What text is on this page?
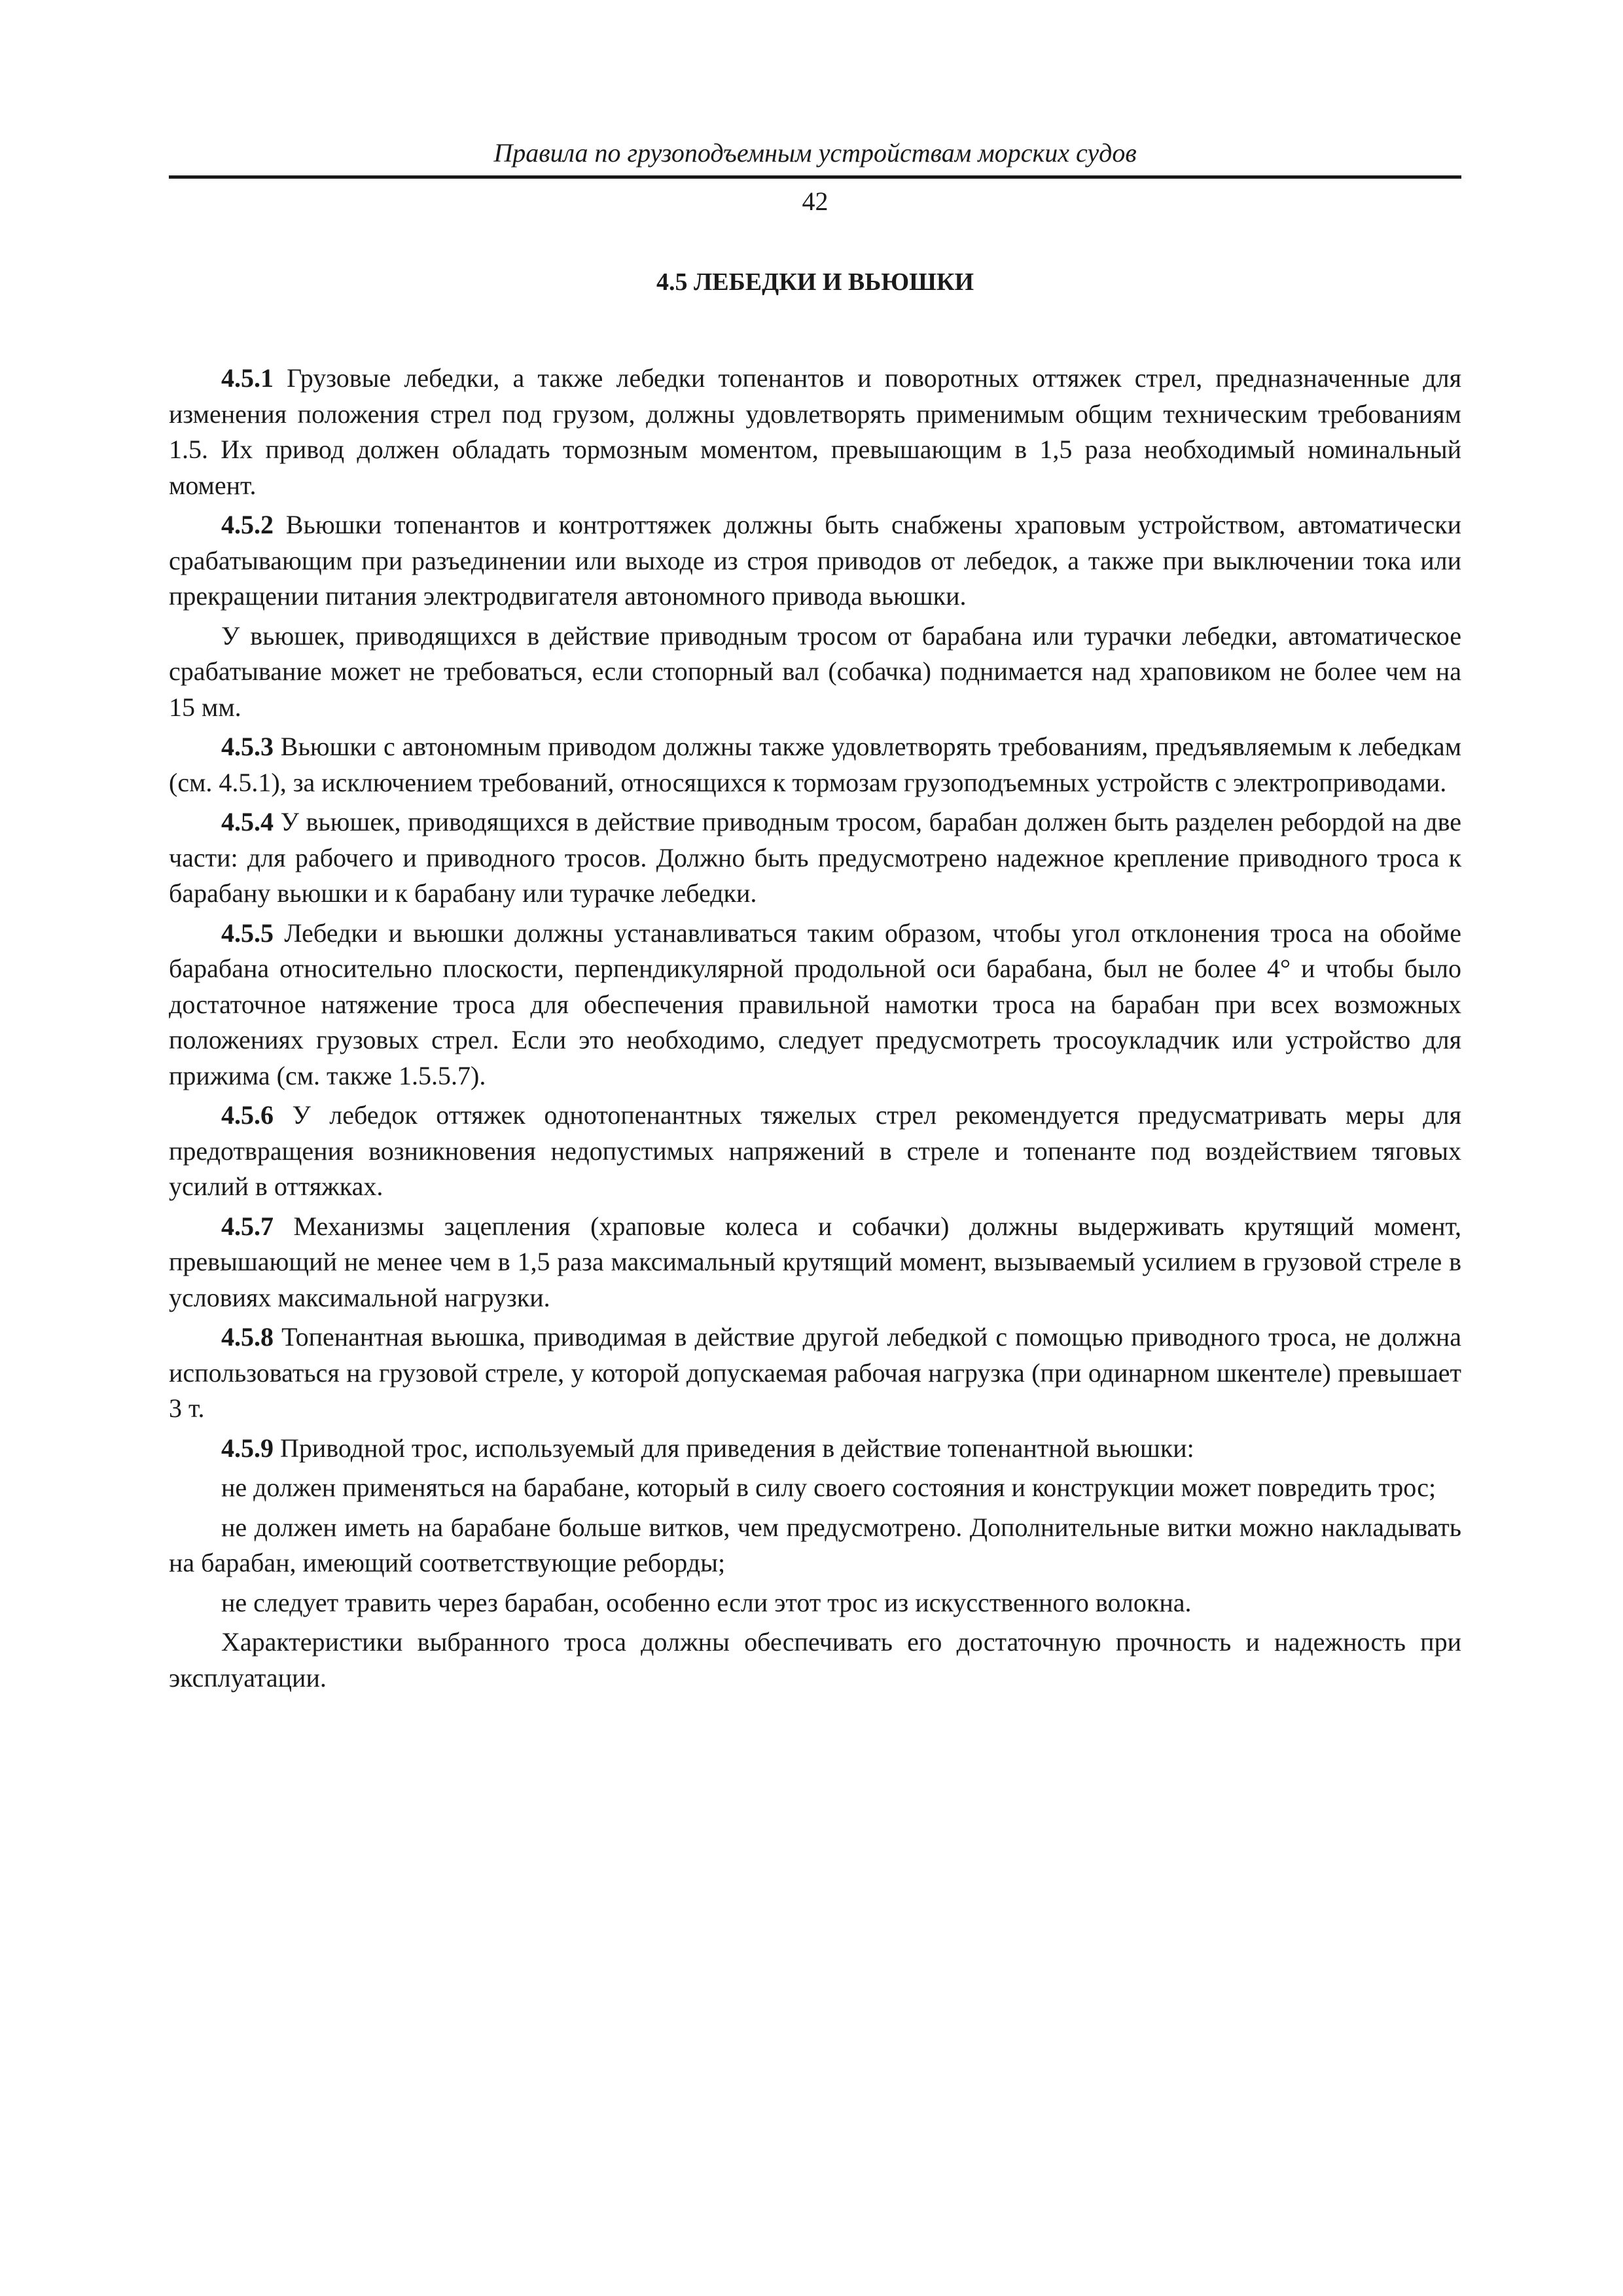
Правила по грузоподъемным устройствам морских судов
42
4.5 ЛЕБЕДКИ И ВЬЮШКИ

4.5.1 Грузовые лебедки, а также лебедки топенантов и поворотных оттяжек стрел, предназначенные для изменения положения стрел под грузом, должны удовлетворять применимым общим техническим требованиям 1.5. Их привод должен обладать тормозным моментом, превышающим в 1,5 раза необходимый номинальный момент.

4.5.2 Вьюшки топенантов и контроттяжек должны быть снабжены храповым устройством, автоматически срабатывающим при разъединении или выходе из строя приводов от лебедок, а также при выключении тока или прекращении питания электродвигателя автономного привода вьюшки.

У вьюшек, приводящихся в действие приводным тросом от барабана или турачки лебедки, автоматическое срабатывание может не требоваться, если стопорный вал (собачка) поднимается над храповиком не более чем на 15 мм.

4.5.3 Вьюшки с автономным приводом должны также удовлетворять требованиям, предъявляемым к лебедкам (см. 4.5.1), за исключением требований, относящихся к тормозам грузоподъемных устройств с электроприводами.

4.5.4 У вьюшек, приводящихся в действие приводным тросом, барабан должен быть разделен ребордой на две части: для рабочего и приводного тросов. Должно быть предусмотрено надежное крепление приводного троса к барабану вьюшки и к барабану или турачке лебедки.

4.5.5 Лебедки и вьюшки должны устанавливаться таким образом, чтобы угол отклонения троса на обойме барабана относительно плоскости, перпендикулярной продольной оси барабана, был не более 4° и чтобы было достаточное натяжение троса для обеспечения правильной намотки троса на барабан при всех возможных положениях грузовых стрел. Если это необходимо, следует предусмотреть тросоукладчик или устройство для прижима (см. также 1.5.5.7).

4.5.6 У лебедок оттяжек однотопенантных тяжелых стрел рекомендуется предусматривать меры для предотвращения возникновения недопустимых напряжений в стреле и топенанте под воздействием тяговых усилий в оттяжках.

4.5.7 Механизмы зацепления (храповые колеса и собачки) должны выдерживать крутящий момент, превышающий не менее чем в 1,5 раза максимальный крутящий момент, вызываемый усилием в грузовой стреле в условиях максимальной нагрузки.

4.5.8 Топенантная вьюшка, приводимая в действие другой лебедкой с помощью приводного троса, не должна использоваться на грузовой стреле, у которой допускаемая рабочая нагрузка (при одинарном шкентеле) превышает 3 т.

4.5.9 Приводной трос, используемый для приведения в действие топенантной вьюшки:

не должен применяться на барабане, который в силу своего состояния и конструкции может повредить трос;

не должен иметь на барабане больше витков, чем предусмотрено. Дополнительные витки можно накладывать на барабан, имеющий соответствующие реборды;

не следует травить через барабан, особенно если этот трос из искусственного волокна.

Характеристики выбранного троса должны обеспечивать его достаточную прочность и надежность при эксплуатации.
